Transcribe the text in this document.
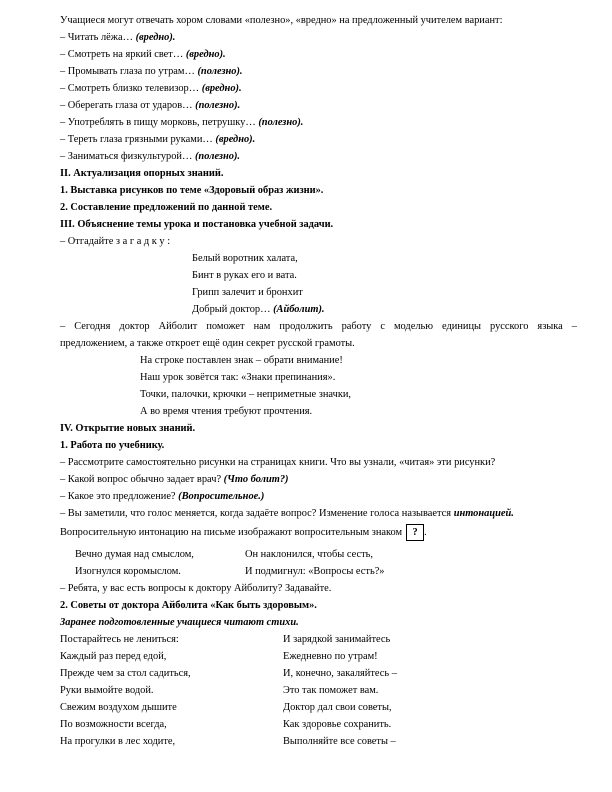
Учащиеся могут отвечать хором словами «полезно», «вредно» на предложенный учителем вариант:
– Читать лёжа… (вредно).
– Смотреть на яркий свет… (вредно).
– Промывать глаза по утрам… (полезно).
– Смотреть близко телевизор… (вредно).
– Оберегать глаза от ударов… (полезно).
– Употреблять в пищу морковь, петрушку… (полезно).
– Тереть глаза грязными руками… (вредно).
– Заниматься физкультурой… (полезно).
II. Актуализация опорных знаний.
1. Выставка рисунков по теме «Здоровый образ жизни».
2. Составление предложений по данной теме.
III. Объяснение темы урока и постановка учебной задачи.
– Отгадайте з а г а д к у :
Белый воротник халата,
Бинт в руках его и вата.
Грипп залечит и бронхит
Добрый доктор… (Айболит).
– Сегодня доктор Айболит поможет нам продолжить работу с моделью единицы русского языка –
предложением, а также откроет ещё один секрет русской грамоты.
На строке поставлен знак – обрати внимание!
Наш урок зовётся так: «Знаки препинания».
Точки, палочки, крючки – неприметные значки,
А во время чтения требуют прочтения.
IV. Открытие новых знаний.
1. Работа по учебнику.
– Рассмотрите самостоятельно рисунки на страницах книги. Что вы узнали, «читая» эти рисунки?
– Какой вопрос обычно задает врач? (Что болит?)
– Какое это предложение? (Вопросительное.)
– Вы заметили, что голос меняется, когда задаёте вопрос? Изменение голоса называется интонацией.
Вопросительную интонацию на письме изображают вопросительным знаком ? .
Вечно думая над смыслом,
Изогнулся коромыслом.
Он наклонился, чтобы сесть,
И подмигнул: «Вопросы есть?»
– Ребята, у вас есть вопросы к доктору Айболиту? Задавайте.
2. Советы от доктора Айболита «Как быть здоровым».
Заранее подготовленные учащиеся читают стихи.
Постарайтесь не лениться:
Каждый раз перед едой,
Прежде чем за стол садиться,
Руки вымойте водой.
Свежим воздухом дышите
По возможности всегда,
На прогулки в лес ходите,
И зарядкой занимайтесь
Ежедневно по утрам!
И, конечно, закаляйтесь –
Это так поможет вам.
Доктор дал свои советы,
Как здоровье сохранить.
Выполняйте все советы –
